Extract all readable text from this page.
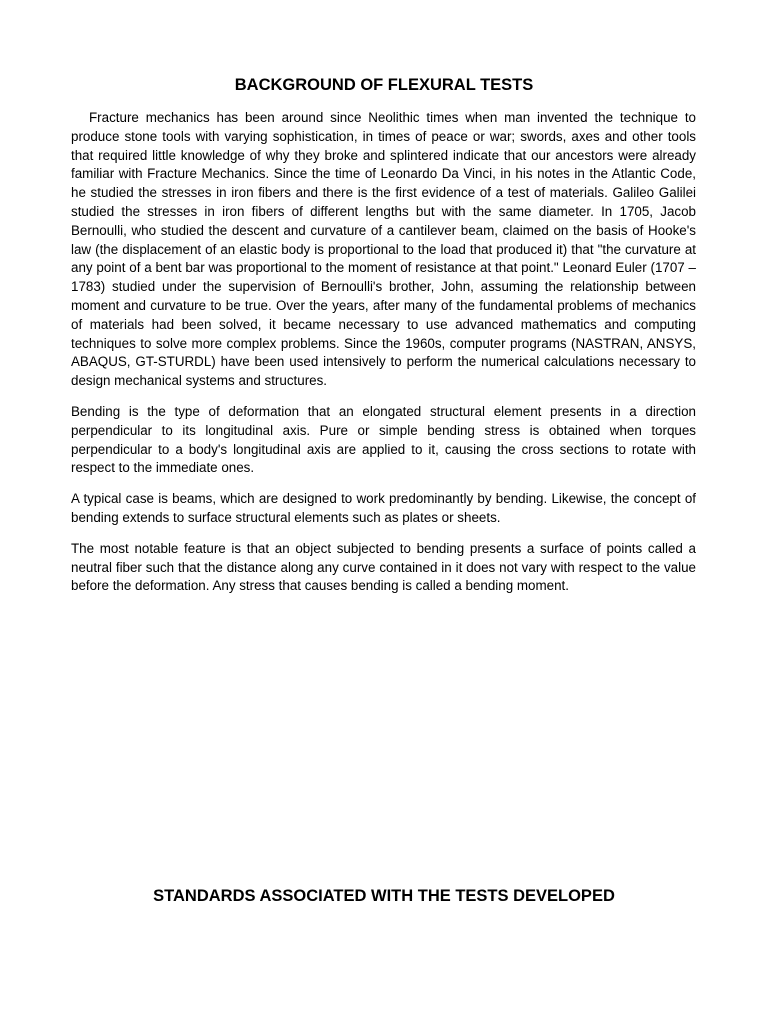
BACKGROUND OF FLEXURAL TESTS

Fracture mechanics has been around since Neolithic times when man invented the technique to produce stone tools with varying sophistication, in times of peace or war; swords, axes and other tools that required little knowledge of why they broke and splintered indicate that our ancestors were already familiar with Fracture Mechanics. Since the time of Leonardo Da Vinci, in his notes in the Atlantic Code, he studied the stresses in iron fibers and there is the first evidence of a test of materials. Galileo Galilei studied the stresses in iron fibers of different lengths but with the same diameter. In 1705, Jacob Bernoulli, who studied the descent and curvature of a cantilever beam, claimed on the basis of Hooke's law (the displacement of an elastic body is proportional to the load that produced it) that "the curvature at any point of a bent bar was proportional to the moment of resistance at that point." Leonard Euler (1707 – 1783) studied under the supervision of Bernoulli's brother, John, assuming the relationship between moment and curvature to be true. Over the years, after many of the fundamental problems of mechanics of materials had been solved, it became necessary to use advanced mathematics and computing techniques to solve more complex problems. Since the 1960s, computer programs (NASTRAN, ANSYS, ABAQUS, GT-STURDL) have been used intensively to perform the numerical calculations necessary to design mechanical systems and structures.

Bending is the type of deformation that an elongated structural element presents in a direction perpendicular to its longitudinal axis. Pure or simple bending stress is obtained when torques perpendicular to a body's longitudinal axis are applied to it, causing the cross sections to rotate with respect to the immediate ones.

A typical case is beams, which are designed to work predominantly by bending. Likewise, the concept of bending extends to surface structural elements such as plates or sheets.

The most notable feature is that an object subjected to bending presents a surface of points called a neutral fiber such that the distance along any curve contained in it does not vary with respect to the value before the deformation. Any stress that causes bending is called a bending moment.

STANDARDS ASSOCIATED WITH THE TESTS DEVELOPED
